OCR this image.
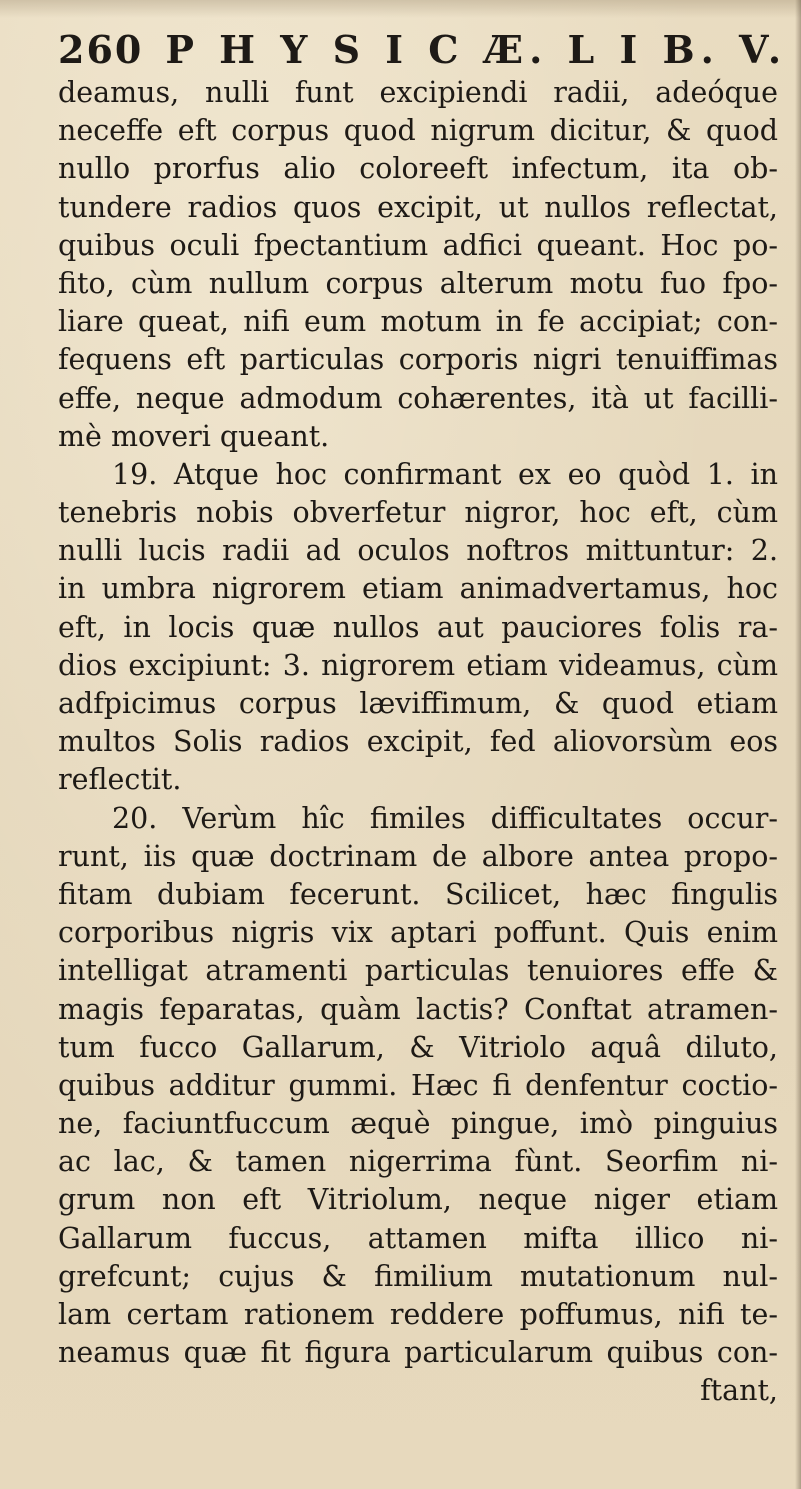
260 P H Y S I C Æ. L I B. V.
deamus, nulli funt excipiendi radii, adeóque
neceffe eft corpus quod nigrum dicitur, & quod
nullo prorfus alio coloreeft infectum, ita ob-
tundere radios quos excipit, ut nullos reflectat,
quibus oculi fpectantium adfici queant. Hoc po-
fito, cùm nullum corpus alterum motu fuo fpo-
liare queat, nifi eum motum in fe accipiat; con-
fequens eft particulas corporis nigri tenuiffimas
effe, neque admodum cohærentes, ità ut facilli-
mè moveri queant.
19. Atque hoc confirmant ex eo quòd 1. in
tenebris nobis obverfetur nigror, hoc eft, cùm
nulli lucis radii ad oculos noftros mittuntur: 2.
in umbra nigrorem etiam animadvertamus, hoc
eft, in locis quæ nullos aut pauciores folis ra-
dios excipiunt: 3. nigrorem etiam videamus, cùm
adfpicimus corpus læviffimum, & quod etiam
multos Solis radios excipit, fed aliovorsùm eos
reflectit.
20. Verùm hîc fimiles difficultates occur-
runt, iis quæ doctrinam de albore antea propo-
fitam dubiam fecerunt. Scilicet, hæc fingulis
corporibus nigris vix aptari poffunt. Quis enim
intelligat atramenti particulas tenuiores effe &
magis feparatas, quàm lactis? Conftat atramen-
tum fucco Gallarum, & Vitriolo aquâ diluto,
quibus additur gummi. Hæc fi denfentur coctio-
ne, faciuntfuccum æquè pingue, imò pinguius
ac lac, & tamen nigerrima fùnt. Seorfim ni-
grum non eft Vitriolum, neque niger etiam
Gallarum fuccus, attamen mifta illico ni-
grefcunt; cujus & fimilium mutationum nul-
lam certam rationem reddere poffumus, nifi te-
neamus quæ fit figura particularum quibus con-
ftant,
